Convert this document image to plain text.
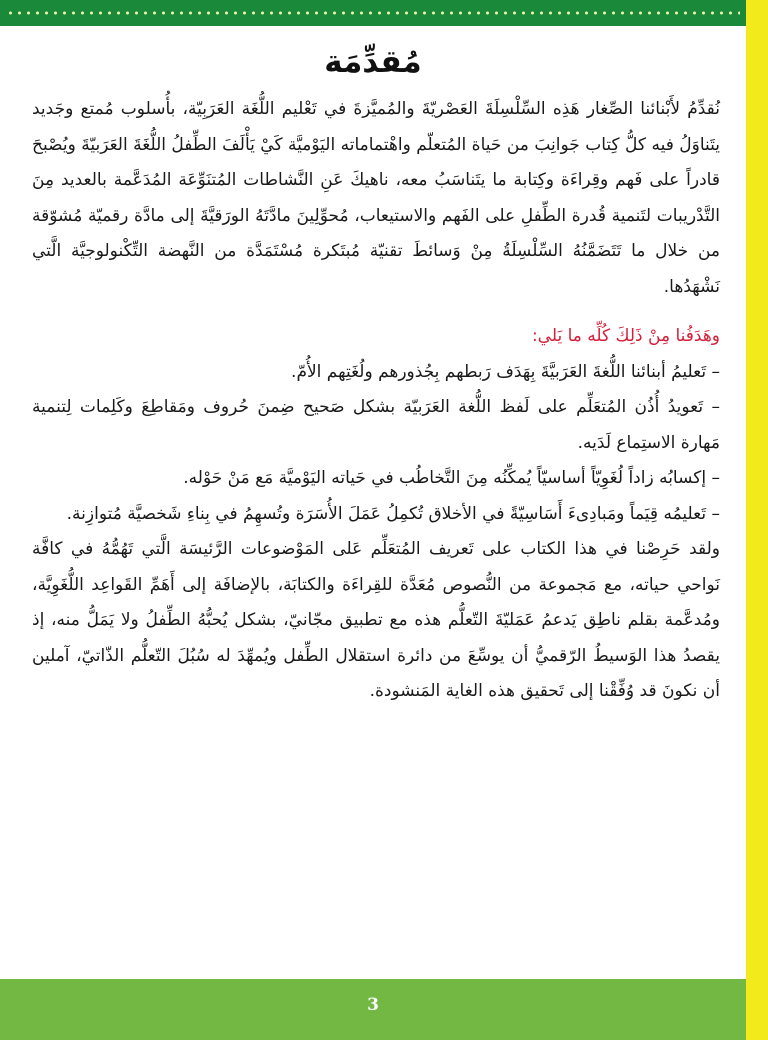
مُقدِّمَة

نُقدِّمُ لأَبْنائنا الصِّغار هَذِه السِّلْسِلَةَ العَصْريّةَ والمُميَّزةَ في تَعْليم اللُّغَة العَرَبِيّة، بأُسلوب مُمتع وجَديد يتَناوَلُ فيه كلُّ كِتاب جَوانِبَ من حَياة المُتعلّم واهْتماماته اليَوْميَّة كَيْ يَأْلَفَ الطِّفلُ اللُّغَةَ العَرَبيّةَ ويُصْبحَ قادراً على فَهم وقِراءَة وكِتابة ما يتَناسَبُ معه، ناهيكَ عَنِ النَّشاطات المُتنَوِّعَة المُدَعَّمة بالعديد مِنَ التَّدْريبات لتَنمية قُدرة الطِّفلِ على الفَهم والاستيعاب، مُحوِّلِينَ مادَّتَهُ الورَقيَّةَ إلى مادَّة رقميّة مُشوّقة من خلال ما تَتَضَمَّنُهُ السِّلْسِلَةُ مِنْ وَسائطَ تقنيّة مُبتَكرة مُسْتَمَدَّة من النَّهضة التِّكْنولوجيَّة الَّتي نَشْهَدُها.

وهَدَفُنا مِنْ ذَلِكَ كُلِّه ما يَلي:

– تَعليمُ أبنائنا اللُّغةَ العَرَبيَّةَ بِهَدَف رَبطهم بِجُذورهم ولُغَتِهم الأُمّ.
– تَعويدُ أُذُن المُتعَلِّم على لَفظ اللُّغة العَرَبيّة بشكل صَحيح ضِمنَ حُروف ومَقاطِعَ وكَلِمات لِتنمية مَهارة الاستِماع لَدَيه.
– إكسابُه زاداً لُغَوِيّاً أساسيّاً يُمكِّنُه مِنَ التَّخاطُب في حَياته اليَوْميَّة مَع مَنْ حَوْله.
– تَعليمُه قِيَماً ومَبادِىءَ أَسَاسِيّةً في الأخلاق تُكمِلُ عَمَلَ الأُسَرَة وتُسهِمُ في بِناءِ شَخصيَّة مُتوازِنة.

ولقد حَرِصْنا في هذا الكتاب على تَعريف المُتعَلِّم عَلى المَوْضوعات الرَّئيسَة الَّتي تَهُمُّهُ في كافَّة نَواحي حياته، مع مَجموعة من النُّصوص مُعَدَّة للقِراءَة والكتابَة، بالإضافَة إلى أَهَمِّ القَواعِد اللُّغَوِيَّة، ومُدعَّمة بقلم ناطِق يَدعمُ عَمَليّةَ التّعلُّم هذه مع تطبيق مجّانيّ، بشكل يُحبُّهُ الطِّفلُ ولا يَمَلُّ منه، إذ يقصدُ هذا الوَسيطُ الرّقميُّ أن يوسِّعَ من دائرة استقلال الطِّفل ويُمهِّدَ له سُبُلَ التّعلُّم الذّاتيّ، آملين أن نكونَ قد وُفِّقْنا إلى تَحقيق هذه الغاية المَنشودة.

3
